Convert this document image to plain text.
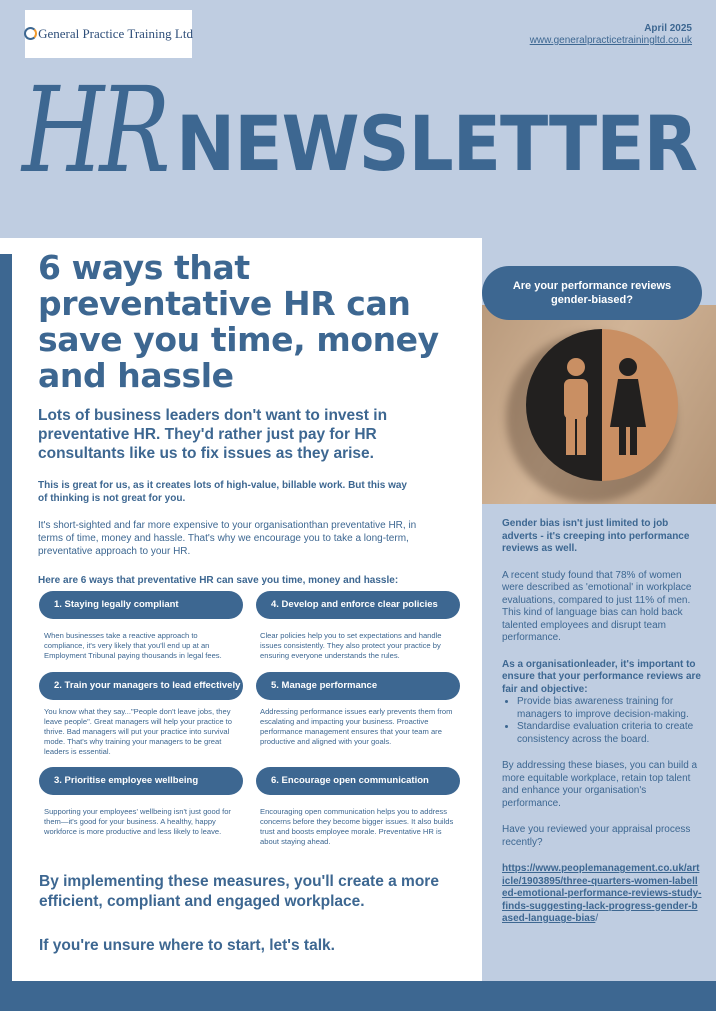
General Practice Training Ltd	April 2025
www.generalpracticetrainingltd.co.uk
HR NEWSLETTER
6 ways that preventative HR can save you time, money and hassle

Lots of business leaders don't want to invest in preventative HR. They'd rather just pay for HR consultants like us to fix issues as they arise.

This is great for us, as it creates lots of high-value, billable work. But this way of thinking is not great for you.

It's short-sighted and far more expensive to your organisationthan preventative HR, in terms of time, money and hassle. That's why we encourage you to take a long-term, preventative approach to your HR.

Here are 6 ways that preventative HR can save you time, money and hassle:

1. Staying legally compliant	4. Develop and enforce clear policies
When businesses take a reactive approach to compliance, it's very likely that you'll end up at an Employment Tribunal paying thousands in legal fees.
Clear policies help you to set expectations and handle issues consistently. They also protect your practice by ensuring everyone understands the rules.
2. Train your managers to lead effectively	5. Manage performance
You know what they say..."People don't leave jobs, they leave people". Great managers will help your practice to thrive. Bad managers will put your practice into survival mode. That's why training your managers to be great leaders is essential.
Addressing performance issues early prevents them from escalating and impacting your business. Proactive performance management ensures that your team are productive and aligned with your goals.
3. Prioritise employee wellbeing	6. Encourage open communication
Supporting your employees' wellbeing isn't just good for them—it's good for your business. A healthy, happy workforce is more productive and less likely to leave.
Encouraging open communication helps you to address concerns before they become bigger issues. It also builds trust and boosts employee morale. Preventative HR is about staying ahead.

By implementing these measures, you'll create a more efficient, compliant and engaged workplace.

If you're unsure where to start, let's talk.

Are your performance reviews gender-biased?

Gender bias isn't just limited to job adverts - it's creeping into performance reviews as well.

A recent study found that 78% of women were described as 'emotional' in workplace evaluations, compared to just 11% of men. This kind of language bias can hold back talented employees and disrupt team performance.

As a organisationleader, it's important to ensure that your performance reviews are fair and objective:

• Provide bias awareness training for managers to improve decision-making.
• Standardise evaluation criteria to create consistency across the board.

By addressing these biases, you can build a more equitable workplace, retain top talent and enhance your organisation's performance.

Have you reviewed your appraisal process recently?

https://www.peoplemanagement.co.uk/article/1903895/three-quarters-women-labelled-emotional-performance-reviews-study-finds-suggesting-lack-progress-gender-based-language-bias/
